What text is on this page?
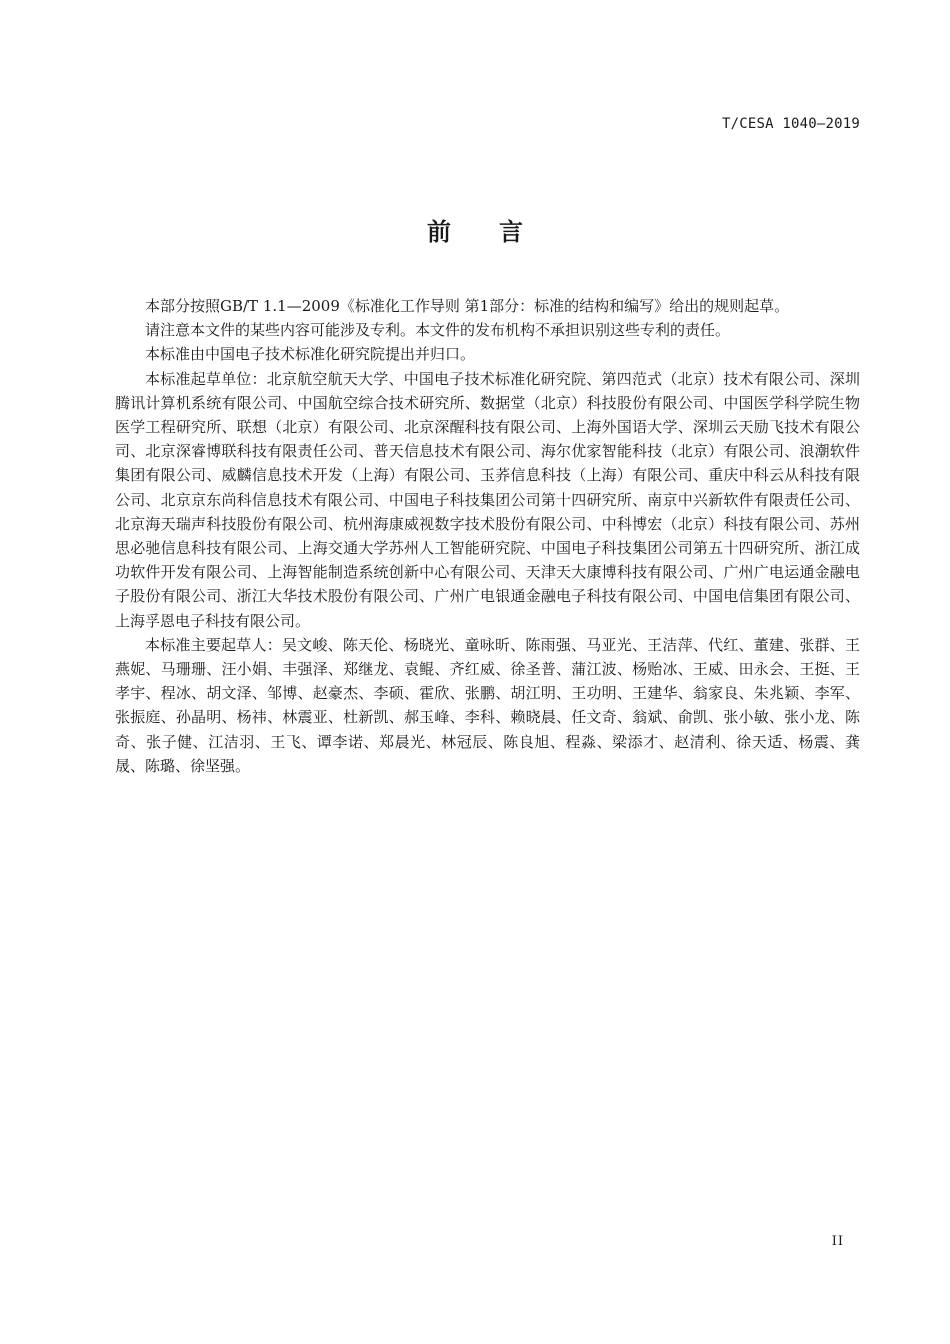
T/CESA 1040—2019
前 言

本部分按照GB/T 1.1—2009《标准化工作导则 第1部分：标准的结构和编写》给出的规则起草。

请注意本文件的某些内容可能涉及专利。本文件的发布机构不承担识别这些专利的责任。

本标准由中国电子技术标准化研究院提出并归口。

本标准起草单位：北京航空航天大学、中国电子技术标准化研究院、第四范式（北京）技术有限公司、深圳腾讯计算机系统有限公司、中国航空综合技术研究所、数据堂（北京）科技股份有限公司、中国医学科学院生物医学工程研究所、联想（北京）有限公司、北京深醒科技有限公司、上海外国语大学、深圳云天励飞技术有限公司、北京深睿博联科技有限责任公司、普天信息技术有限公司、海尔优家智能科技（北京）有限公司、浪潮软件集团有限公司、威麟信息技术开发（上海）有限公司、玉荞信息科技（上海）有限公司、重庆中科云从科技有限公司、北京京东尚科信息技术有限公司、中国电子科技集团公司第十四研究所、南京中兴新软件有限责任公司、北京海天瑞声科技股份有限公司、杭州海康威视数字技术股份有限公司、中科博宏（北京）科技有限公司、苏州思必驰信息科技有限公司、上海交通大学苏州人工智能研究院、中国电子科技集团公司第五十四研究所、浙江成功软件开发有限公司、上海智能制造系统创新中心有限公司、天津天大康博科技有限公司、广州广电运通金融电子股份有限公司、浙江大华技术股份有限公司、广州广电银通金融电子科技有限公司、中国电信集团有限公司、上海孚恩电子科技有限公司。

本标准主要起草人：吴文峻、陈天伦、杨晓光、童咏昕、陈雨强、马亚光、王洁萍、代红、董建、张群、王燕妮、马珊珊、汪小娟、丰强泽、郑继龙、袁鲲、齐红威、徐圣普、蒲江波、杨贻冰、王威、田永会、王挺、王孝宇、程冰、胡文泽、邹博、赵豪杰、李硕、霍欣、张鹏、胡江明、王功明、王建华、翁家良、朱兆颖、李军、张振庭、孙晶明、杨祎、林震亚、杜新凯、郝玉峰、李科、赖晓晨、任文奇、翁斌、俞凯、张小敏、张小龙、陈奇、张子健、江洁羽、王飞、谭李诺、郑晨光、林冠辰、陈良旭、程淼、梁添才、赵清利、徐天适、杨震、龚晟、陈璐、徐坚强。

II
